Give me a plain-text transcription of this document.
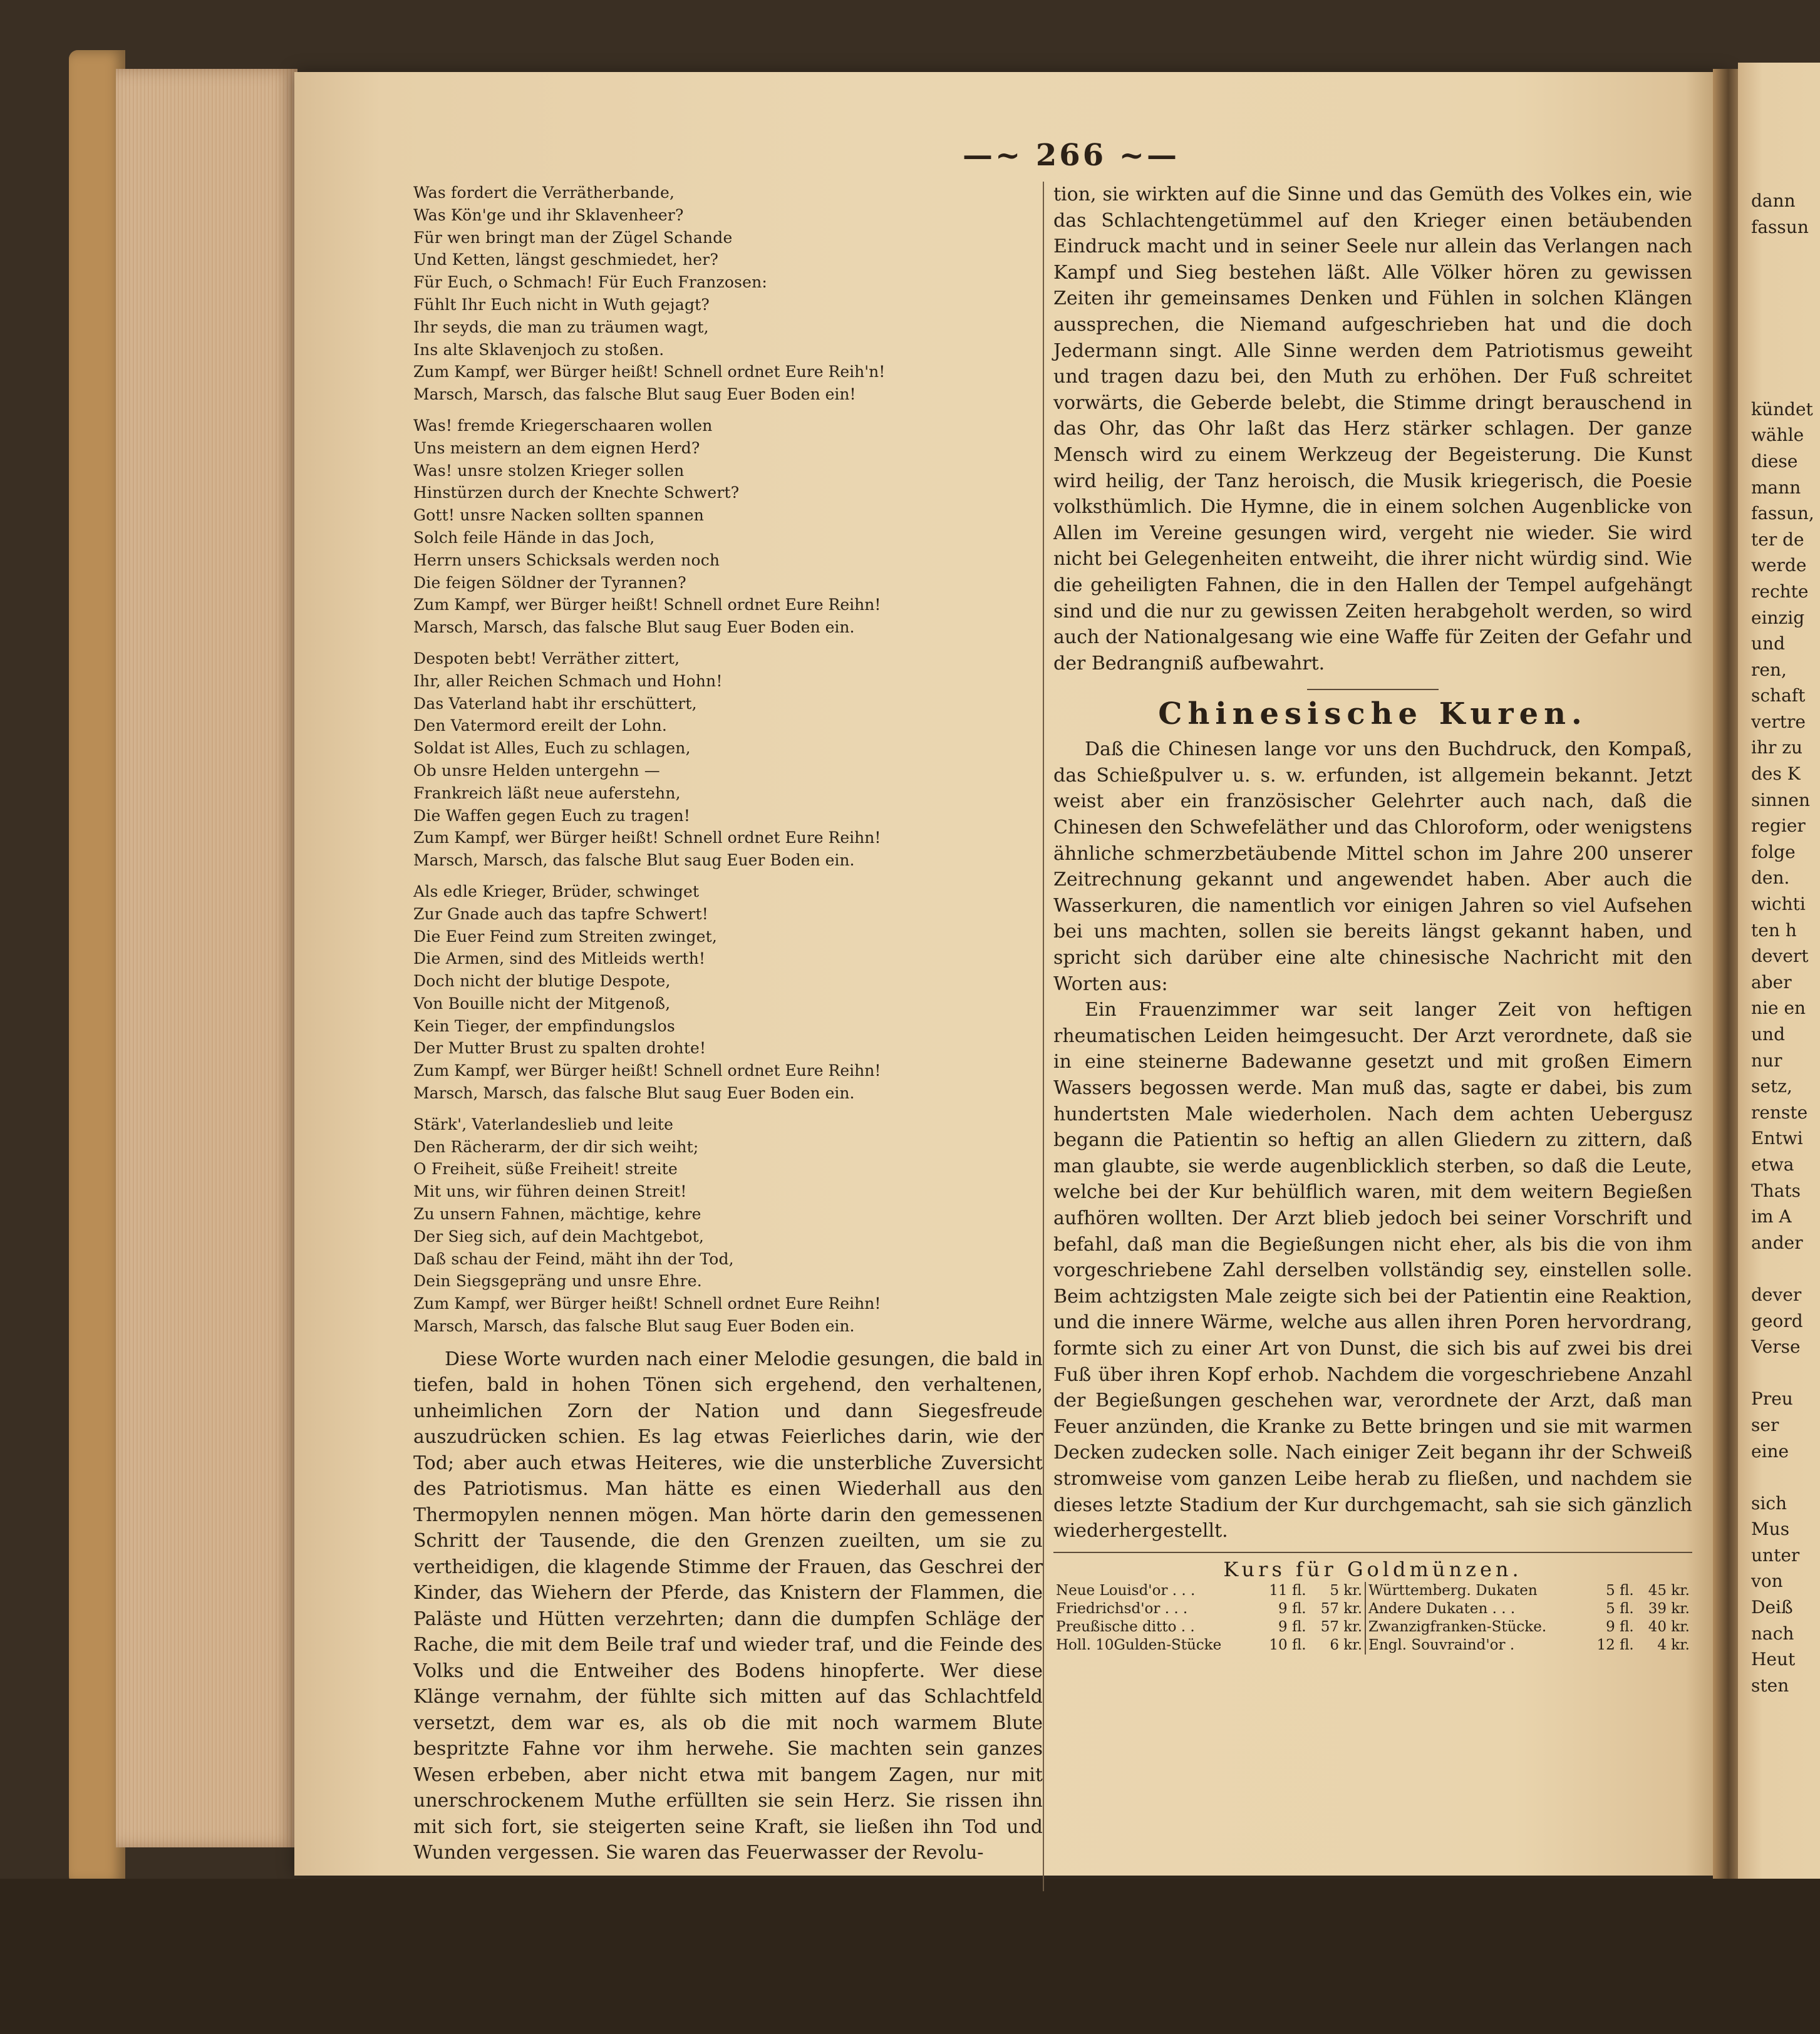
—~ 266 ~—
Was fordert die Verrätherbande,
Was Kön'ge und ihr Sklavenheer?
Für wen bringt man der Zügel Schande
Und Ketten, längst geschmiedet, her?
Für Euch, o Schmach! Für Euch Franzosen:
Fühlt Ihr Euch nicht in Wuth gejagt?
Ihr seyds, die man zu träumen wagt,
Ins alte Sklavenjoch zu stoßen.
Zum Kampf, wer Bürger heißt! Schnell ordnet Eure Reih'n!
Marsch, Marsch, das falsche Blut saug Euer Boden ein!
Was! fremde Kriegerschaaren wollen
Uns meistern an dem eignen Herd?
Was! unsre stolzen Krieger sollen
Hinstürzen durch der Knechte Schwert?
Gott! unsre Nacken sollten spannen
Solch feile Hände in das Joch,
Herrn unsers Schicksals werden noch
Die feigen Söldner der Tyrannen?
Zum Kampf, wer Bürger heißt! Schnell ordnet Eure Reihn!
Marsch, Marsch, das falsche Blut saug Euer Boden ein.
Despoten bebt! Verräther zittert,
Ihr, aller Reichen Schmach und Hohn!
Das Vaterland habt ihr erschüttert,
Den Vatermord ereilt der Lohn.
Soldat ist Alles, Euch zu schlagen,
Ob unsre Helden untergehn —
Frankreich läßt neue auferstehn,
Die Waffen gegen Euch zu tragen!
Zum Kampf, wer Bürger heißt! Schnell ordnet Eure Reihn!
Marsch, Marsch, das falsche Blut saug Euer Boden ein.
Als edle Krieger, Brüder, schwinget
Zur Gnade auch das tapfre Schwert!
Die Euer Feind zum Streiten zwinget,
Die Armen, sind des Mitleids werth!
Doch nicht der blutige Despote,
Von Bouille nicht der Mitgenoß,
Kein Tieger, der empfindungslos
Der Mutter Brust zu spalten drohte!
Zum Kampf, wer Bürger heißt! Schnell ordnet Eure Reihn!
Marsch, Marsch, das falsche Blut saug Euer Boden ein.
Stärk', Vaterlandeslieb und leite
Den Rächerarm, der dir sich weiht;
O Freiheit, süße Freiheit! streite
Mit uns, wir führen deinen Streit!
Zu unsern Fahnen, mächtige, kehre
Der Sieg sich, auf dein Machtgebot,
Daß schau der Feind, mäht ihn der Tod,
Dein Siegsgepräng und unsre Ehre.
Zum Kampf, wer Bürger heißt! Schnell ordnet Eure Reihn!
Marsch, Marsch, das falsche Blut saug Euer Boden ein.

Diese Worte wurden nach einer Melodie gesungen, die bald in tiefen, bald in hohen Tönen sich ergehend, den verhaltenen, unheimlichen Zorn der Nation und dann Siegesfreude auszudrücken schien. Es lag etwas Feierliches darin, wie der Tod; aber auch etwas Heiteres, wie die unsterbliche Zuversicht des Patriotismus. Man hätte es einen Wiederhall aus den Thermopylen nennen mögen. Man hörte darin den gemessenen Schritt der Tausende, die den Grenzen zueilten, um sie zu vertheidigen, die klagende Stimme der Frauen, das Geschrei der Kinder, das Wiehern der Pferde, das Knistern der Flammen, die Paläste und Hütten verzehrten; dann die dumpfen Schläge der Rache, die mit dem Beile traf und wieder traf, und die Feinde des Volks und die Entweiher des Bodens hinopferte. Wer diese Klänge vernahm, der fühlte sich mitten auf das Schlachtfeld versetzt, dem war es, als ob die mit noch warmem Blute bespritzte Fahne vor ihm herwehe. Sie machten sein ganzes Wesen erbeben, aber nicht etwa mit bangem Zagen, nur mit unerschrockenem Muthe erfüllten sie sein Herz. Sie rissen ihn mit sich fort, sie steigerten seine Kraft, sie ließen ihn Tod und Wunden vergessen. Sie waren das Feuerwasser der Revolu-

tion, sie wirkten auf die Sinne und das Gemüth des Volkes ein, wie das Schlachtengetümmel auf den Krieger einen betäubenden Eindruck macht und in seiner Seele nur allein das Verlangen nach Kampf und Sieg bestehen läßt. Alle Völker hören zu gewissen Zeiten ihr gemeinsames Denken und Fühlen in solchen Klängen aussprechen, die Niemand aufgeschrieben hat und die doch Jedermann singt. Alle Sinne werden dem Patriotismus geweiht und tragen dazu bei, den Muth zu erhöhen. Der Fuß schreitet vorwärts, die Geberde belebt, die Stimme dringt berauschend in das Ohr, das Ohr laßt das Herz stärker schlagen. Der ganze Mensch wird zu einem Werkzeug der Begeisterung. Die Kunst wird heilig, der Tanz heroisch, die Musik kriegerisch, die Poesie volksthümlich. Die Hymne, die in einem solchen Augenblicke von Allen im Vereine gesungen wird, vergeht nie wieder. Sie wird nicht bei Gelegenheiten entweiht, die ihrer nicht würdig sind. Wie die geheiligten Fahnen, die in den Hallen der Tempel aufgehängt sind und die nur zu gewissen Zeiten herabgeholt werden, so wird auch der Nationalgesang wie eine Waffe für Zeiten der Gefahr und der Bedrangniß aufbewahrt.

Chinesische Kuren.

Daß die Chinesen lange vor uns den Buchdruck, den Kompaß, das Schießpulver u. s. w. erfunden, ist allgemein bekannt. Jetzt weist aber ein französischer Gelehrter auch nach, daß die Chinesen den Schwefeläther und das Chloroform, oder wenigstens ähnliche schmerzbetäubende Mittel schon im Jahre 200 unserer Zeitrechnung gekannt und angewendet haben. Aber auch die Wasserkuren, die namentlich vor einigen Jahren so viel Aufsehen bei uns machten, sollen sie bereits längst gekannt haben, und spricht sich darüber eine alte chinesische Nachricht mit den Worten aus:

Ein Frauenzimmer war seit langer Zeit von heftigen rheumatischen Leiden heimgesucht. Der Arzt verordnete, daß sie in eine steinerne Badewanne gesetzt und mit großen Eimern Wassers begossen werde. Man muß das, sagte er dabei, bis zum hundertsten Male wiederholen. Nach dem achten Uebergusz begann die Patientin so heftig an allen Gliedern zu zittern, daß man glaubte, sie werde augenblicklich sterben, so daß die Leute, welche bei der Kur behülflich waren, mit dem weitern Begießen aufhören wollten. Der Arzt blieb jedoch bei seiner Vorschrift und befahl, daß man die Begießungen nicht eher, als bis die von ihm vorgeschriebene Zahl derselben vollständig sey, einstellen solle. Beim achtzigsten Male zeigte sich bei der Patientin eine Reaktion, und die innere Wärme, welche aus allen ihren Poren hervordrang, formte sich zu einer Art von Dunst, die sich bis auf zwei bis drei Fuß über ihren Kopf erhob. Nachdem die vorgeschriebene Anzahl der Begießungen geschehen war, verordnete der Arzt, daß man Feuer anzünden, die Kranke zu Bette bringen und sie mit warmen Decken zudecken solle. Nach einiger Zeit begann ihr der Schweiß stromweise vom ganzen Leibe herab zu fließen, und nachdem sie dieses letzte Stadium der Kur durchgemacht, sah sie sich gänzlich wiederhergestellt.

Kurs für Goldmünzen.
Neue Louisd'or . . .	11 fl.	5 kr.	Württemberg. Dukaten	5 fl.	45 kr.
Friedrichsd'or . . .	9 fl.	57 kr.	Andere Dukaten . . .	5 fl.	39 kr.
Preußische ditto . .	9 fl.	57 kr.	Zwanzigfranken-Stücke.	9 fl.	40 kr.
Holl. 10Gulden-Stücke	10 fl.	6 kr.	Engl. Souvraind'or .	12 fl.	4 kr.
dann
fassun

kündet
wähle
diese
mann
fassun,
ter de
werde
rechte
einzig
und
ren,
schaft
vertre
ihr zu
des K
sinnen
regier
folge
den.
wichti
ten h
devert
aber
nie en
und
nur
setz,
renste
Entwi
etwa
Thats
im A
ander

dever
geord
Verse

Preu
ser
eine

sich
Mus
unter
von
Deiß
nach
Heut
sten
